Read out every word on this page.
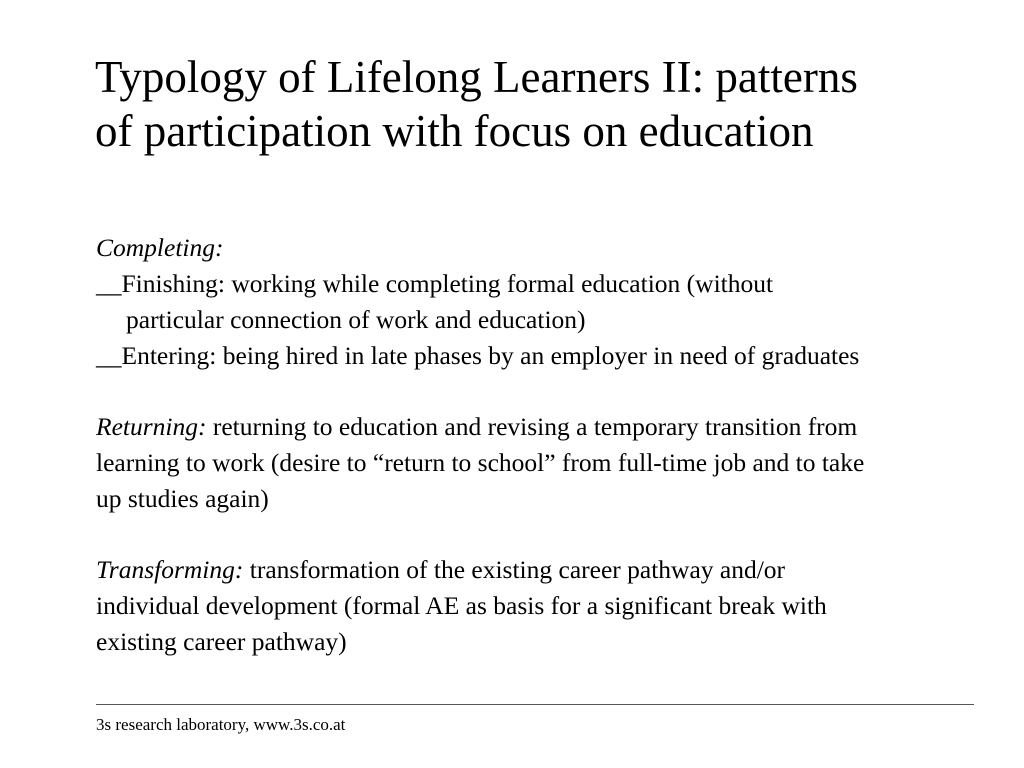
Typology of Lifelong Learners II: patterns
of participation with focus on education
Completing:
__Finishing: working while completing formal education (without
particular connection of work and education)
__Entering: being hired in late phases by an employer in need of graduates
Returning: returning to education and revising a temporary transition from
learning to work (desire to “return to school” from full-time job and to take
up studies again)
Transforming: transformation of the existing career pathway and/or
individual development (formal AE as basis for a significant break with
existing career pathway)

3s research laboratory, www.3s.co.at
